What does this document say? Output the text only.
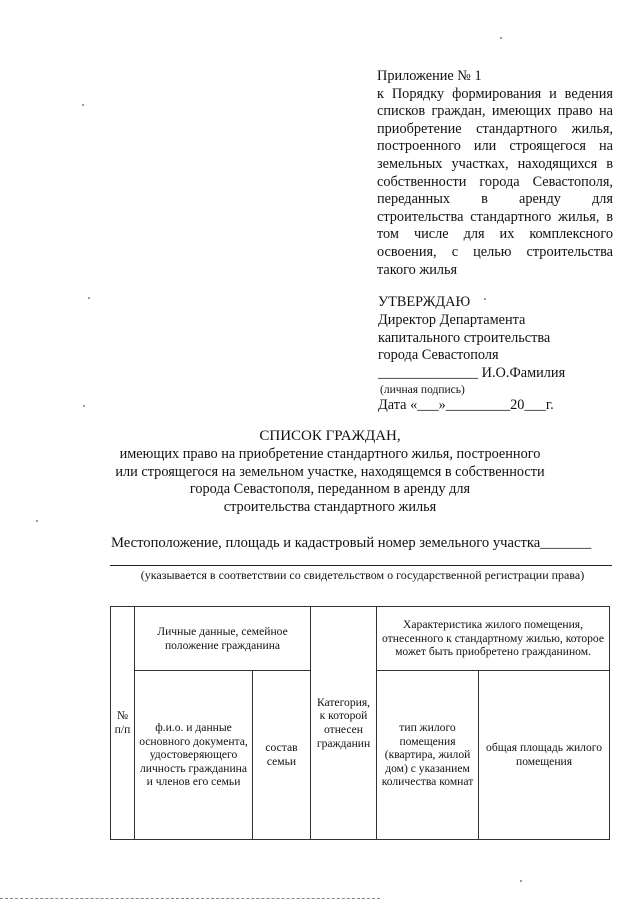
Приложение № 1
к Порядку формирования и ведения списков граждан, имеющих право на приобретение стандартного жилья, построенного или строящегося на земельных участках, находящихся в собственности города Севастополя, переданных в аренду для строительства стандартного жилья, в том числе для их комплексного освоения, с целью строительства такого жилья
УТВЕРЖДАЮ
Директор Департамента
капитального строительства
города Севастополя
______________ И.О.Фамилия
(личная подпись)
Дата «___»_________20___г.
СПИСОК ГРАЖДАН,
имеющих право на приобретение стандартного жилья, построенного
или строящегося на земельном участке, находящемся в собственности
города Севастополя, переданном в аренду для
строительства стандартного жилья
Местоположение, площадь и кадастровый номер земельного участка_______
(указывается в соответствии со свидетельством о государственной регистрации права)
№ п/п	Личные данные, семейное положение гражданина		Категория, к которой отнесен гражданин	Характеристика жилого помещения, отнесенного к стандартному жилью, которое может быть приобретено гражданином.	
	ф.и.о. и данные основного документа, удостоверяющего личность гражданина и членов его семьи	состав семьи		тип жилого помещения (квартира, жилой дом) с указанием количества комнат	общая площадь жилого помещения
